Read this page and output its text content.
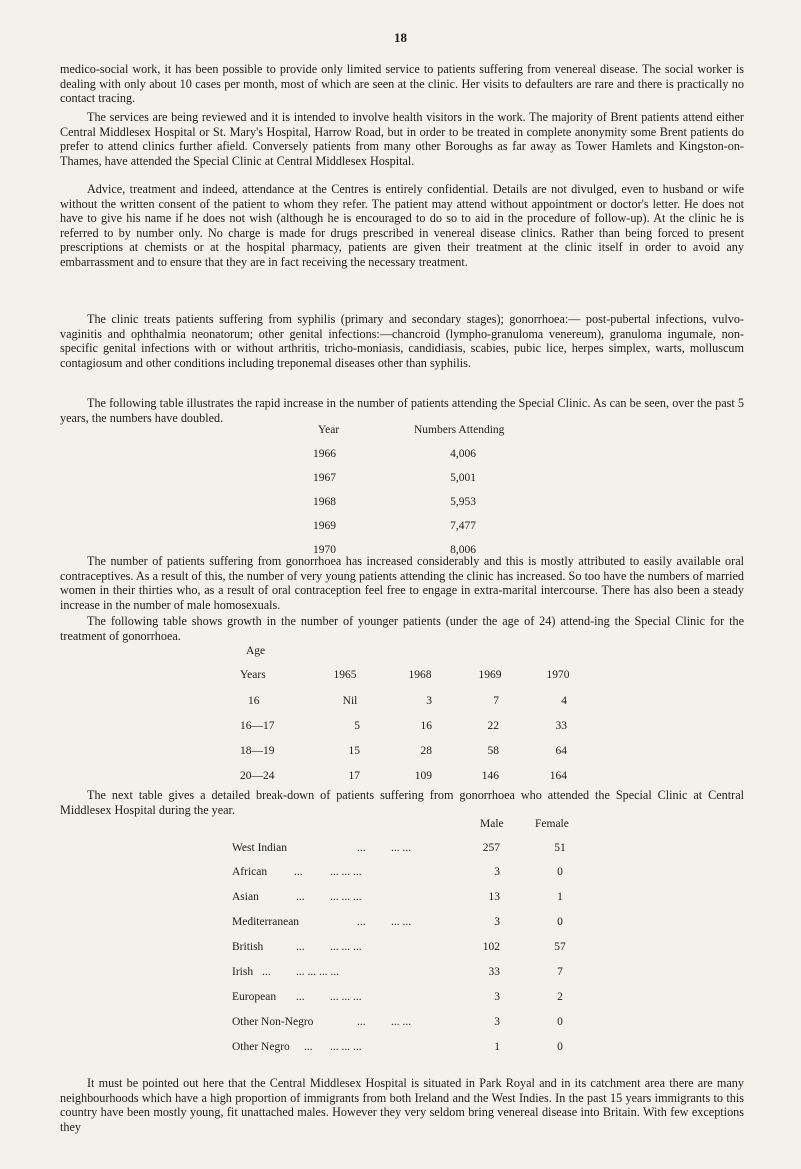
18

medico-social work, it has been possible to provide only limited service to patients suffering from venereal disease. The social worker is dealing with only about 10 cases per month, most of which are seen at the clinic. Her visits to defaulters are rare and there is practically no contact tracing.

The services are being reviewed and it is intended to involve health visitors in the work. The majority of Brent patients attend either Central Middlesex Hospital or St. Mary's Hospital, Harrow Road, but in order to be treated in complete anonymity some Brent patients do prefer to attend clinics further afield. Conversely patients from many other Boroughs as far away as Tower Hamlets and Kingston-on-Thames, have attended the Special Clinic at Central Middlesex Hospital.

Advice, treatment and indeed, attendance at the Centres is entirely confidential. Details are not divulged, even to husband or wife without the written consent of the patient to whom they refer. The patient may attend without appointment or doctor's letter. He does not have to give his name if he does not wish (although he is encouraged to do so to aid in the procedure of follow-up). At the clinic he is referred to by number only. No charge is made for drugs prescribed in venereal disease clinics. Rather than being forced to present prescriptions at chemists or at the hospital pharmacy, patients are given their treatment at the clinic itself in order to avoid any embarrassment and to ensure that they are in fact receiving the necessary treatment.

The clinic treats patients suffering from syphilis (primary and secondary stages); gonorrhoea:— post-pubertal infections, vulvo-vaginitis and ophthalmia neonatorum; other genital infections:—chancroid (lympho-granuloma venereum), granuloma ingumale, non-specific genital infections with or without arthritis, tricho-moniasis, candidiasis, scabies, pubic lice, herpes simplex, warts, molluscum contagiosum and other conditions including treponemal diseases other than syphilis.

The following table illustrates the rapid increase in the number of patients attending the Special Clinic. As can be seen, over the past 5 years, the numbers have doubled.

Year	Numbers Attending
1966	4,006
1967	5,001
1968	5,953
1969	7,477
1970	8,006

The number of patients suffering from gonorrhoea has increased considerably and this is mostly attributed to easily available oral contraceptives. As a result of this, the number of very young patients attending the clinic has increased. So too have the numbers of married women in their thirties who, as a result of oral contraception feel free to engage in extra-marital intercourse. There has also been a steady increase in the number of male homosexuals.

The following table shows growth in the number of younger patients (under the age of 24) attend-ing the Special Clinic for the treatment of gonorrhoea.

Age
Years	1965	1968	1969	1970
16	Nil	3	7	4
16—17	5	16	22	33
18—19	15	28	58	64
20—24	17	109	146	164

The next table gives a detailed break-down of patients suffering from gonorrhoea who attended the Special Clinic at Central Middlesex Hospital during the year.

Male	Female
West Indian	... ... ...	257	51
African ... ... ... ...	3	0
Asian	... ... ... ...	13	1
Mediterranean	... ... ...	3	0
British	... ... ... ...	102	57
Irish ... ... ... ... ...	33	7
European ... ... ... ...	3	2
Other Non-Negro	... ... ...	3	0
Other Negro ... ... ... ...	1	0

It must be pointed out here that the Central Middlesex Hospital is situated in Park Royal and in its catchment area there are many neighbourhoods which have a high proportion of immigrants from both Ireland and the West Indies. In the past 15 years immigrants to this country have been mostly young, fit unattached males. However they very seldom bring venereal disease into Britain. With few exceptions they
